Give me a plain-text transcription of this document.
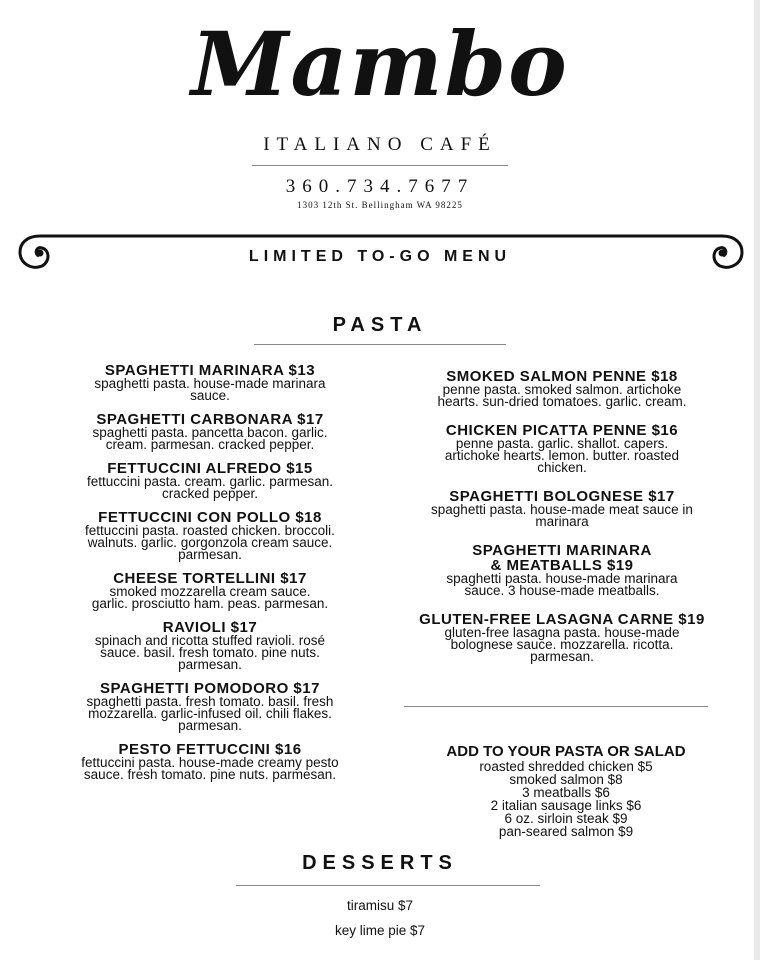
Mambo
ITALIANO CAFÉ
360.734.7677
1303 12th St. Bellingham WA 98225
LIMITED TO-GO MENU
PASTA
SPAGHETTI MARINARA $13
spaghetti pasta. house-made marinara
sauce.
SPAGHETTI CARBONARA $17
spaghetti pasta. pancetta bacon. garlic.
cream. parmesan. cracked pepper.
FETTUCCINI ALFREDO $15
fettuccini pasta. cream. garlic. parmesan.
cracked pepper.
FETTUCCINI CON POLLO $18
fettuccini pasta. roasted chicken. broccoli.
walnuts. garlic. gorgonzola cream sauce.
parmesan.
CHEESE TORTELLINI $17
smoked mozzarella cream sauce.
garlic. prosciutto ham. peas. parmesan.
RAVIOLI $17
spinach and ricotta stuffed ravioli. rosé
sauce. basil. fresh tomato. pine nuts.
parmesan.
SPAGHETTI POMODORO $17
spaghetti pasta. fresh tomato. basil. fresh
mozzarella. garlic-infused oil. chili flakes.
parmesan.
PESTO FETTUCCINI $16
fettuccini pasta. house-made creamy pesto
sauce. fresh tomato. pine nuts. parmesan.
SMOKED SALMON PENNE $18
penne pasta. smoked salmon. artichoke
hearts. sun-dried tomatoes. garlic. cream.
CHICKEN PICATTA PENNE $16
penne pasta. garlic. shallot. capers.
artichoke hearts. lemon. butter. roasted
chicken.
SPAGHETTI BOLOGNESE $17
spaghetti pasta. house-made meat sauce in
marinara
SPAGHETTI MARINARA
& MEATBALLS $19
spaghetti pasta. house-made marinara
sauce. 3 house-made meatballs.
GLUTEN-FREE LASAGNA CARNE $19
gluten-free lasagna pasta. house-made
bolognese sauce. mozzarella. ricotta.
parmesan.
ADD TO YOUR PASTA OR SALAD
roasted shredded chicken $5
smoked salmon $8
3 meatballs $6
2 italian sausage links $6
6 oz. sirloin steak $9
pan-seared salmon $9
DESSERTS
tiramisu $7
key lime pie $7
